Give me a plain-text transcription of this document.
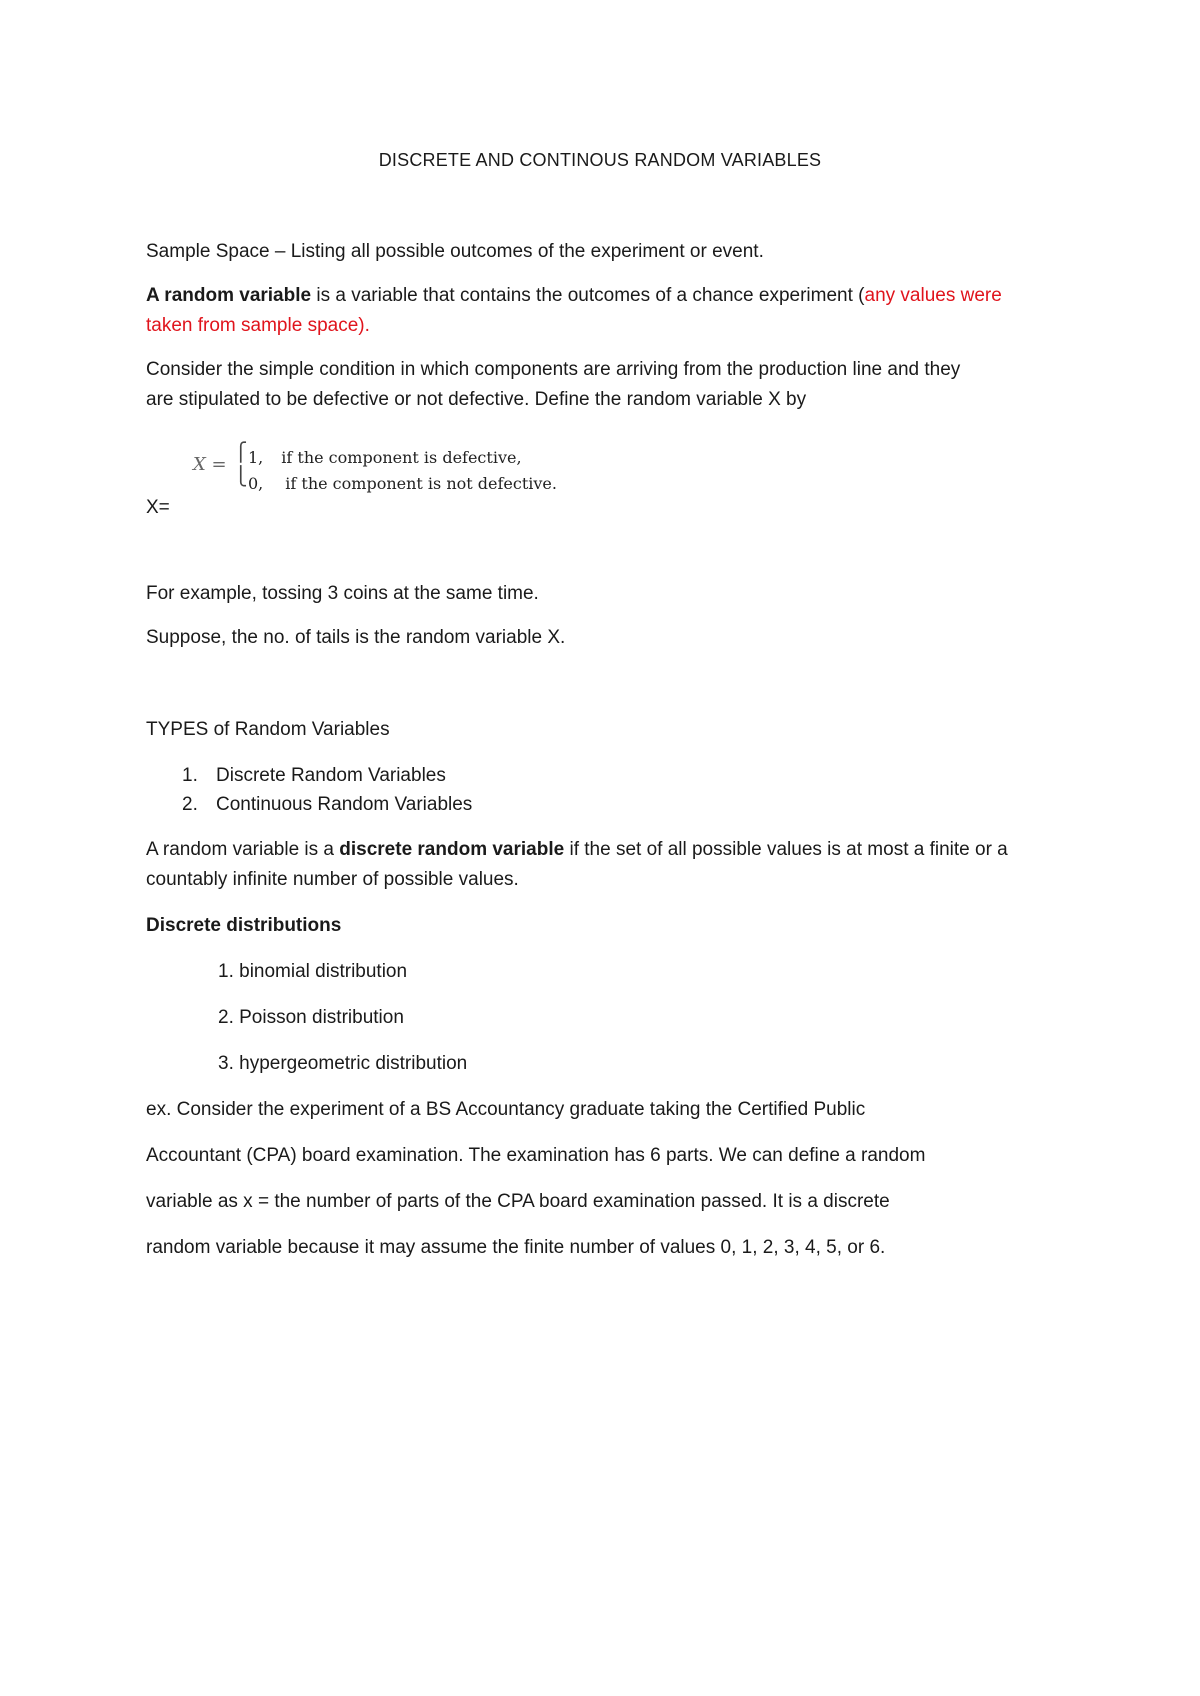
DISCRETE AND CONTINOUS RANDOM VARIABLES
Sample Space – Listing all possible outcomes of the experiment or event.
A random variable is a variable that contains the outcomes of a chance experiment (any values were
taken from sample space).
Consider the simple condition in which components are arriving from the production line and they
are stipulated to be defective or not defective. Define the random variable X by
X =
⎧
⎩
1, if the component is defective,
0, if the component is not defective.
X=
For example, tossing 3 coins at the same time.
Suppose, the no. of tails is the random variable X.
TYPES of Random Variables
1. Discrete Random Variables
2. Continuous Random Variables
A random variable is a discrete random variable if the set of all possible values is at most a finite or a
countably infinite number of possible values.
Discrete distributions
1. binomial distribution
2. Poisson distribution
3. hypergeometric distribution
ex. Consider the experiment of a BS Accountancy graduate taking the Certified Public
Accountant (CPA) board examination. The examination has 6 parts. We can define a random
variable as x = the number of parts of the CPA board examination passed. It is a discrete
random variable because it may assume the finite number of values 0, 1, 2, 3, 4, 5, or 6.
